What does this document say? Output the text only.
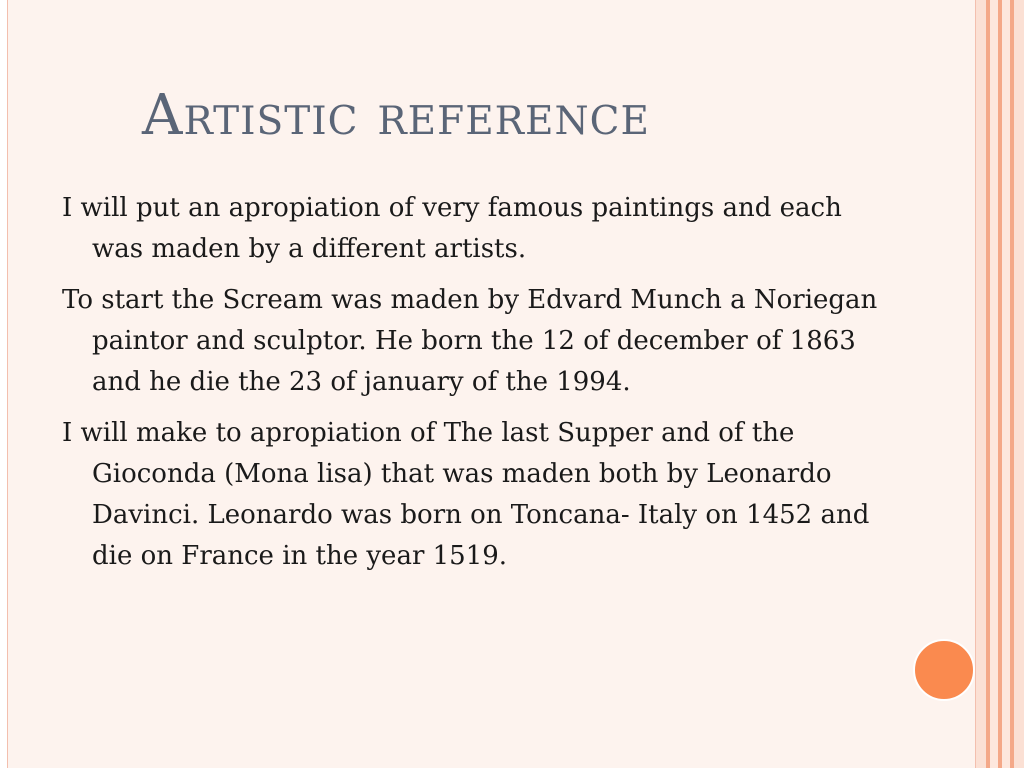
Artistic reference
I will put an apropiation of very famous paintings and each was maden by a different artists.
To start the Scream was maden by Edvard Munch a Noriegan paintor and sculptor. He born the 12 of december of 1863 and he die the 23 of january of the 1994.
I will make to apropiation of The last Supper and of the Gioconda (Mona lisa) that was maden both by Leonardo Davinci. Leonardo was born on Toncana- Italy on 1452 and die on France in the year 1519.
